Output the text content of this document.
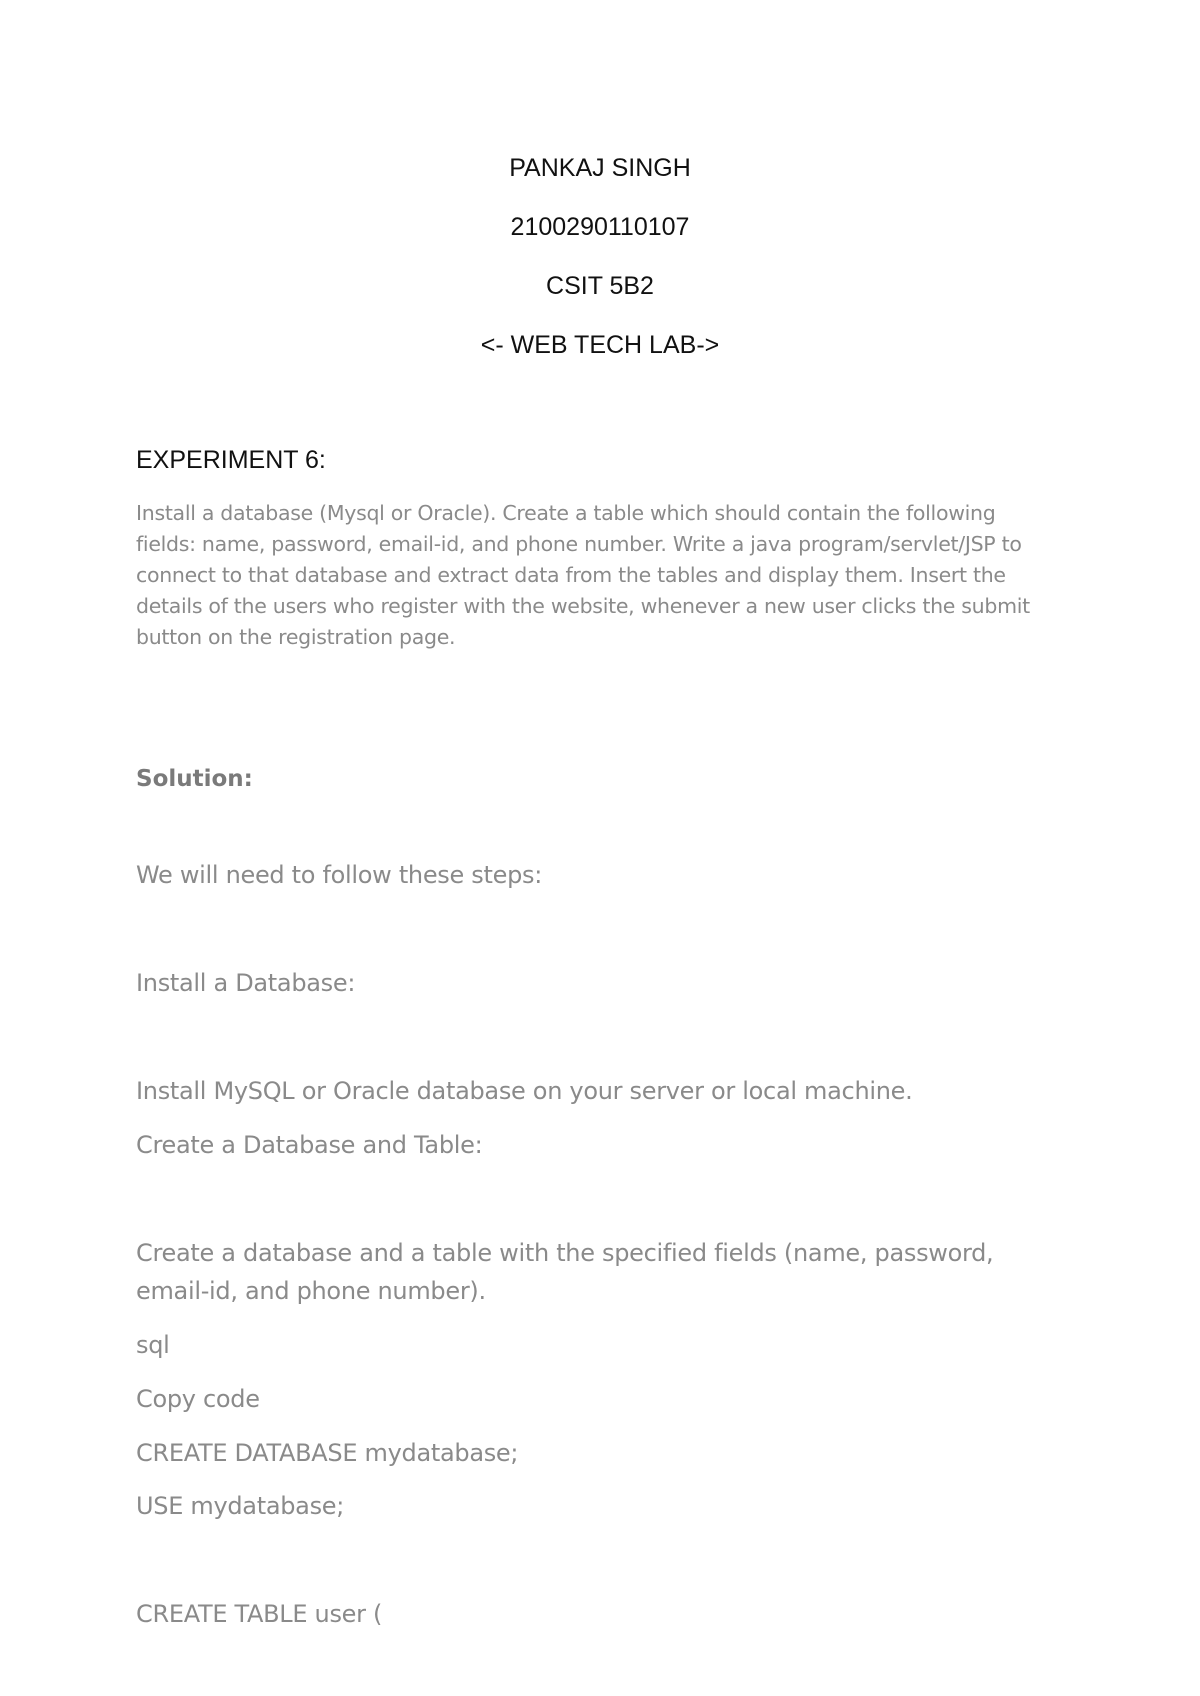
PANKAJ SINGH
2100290110107
CSIT 5B2
<- WEB TECH LAB->
EXPERIMENT 6:
Install a database (Mysql or Oracle). Create a table which should contain the following fields: name, password, email-id, and phone number. Write a java program/servlet/JSP to connect to that database and extract data from the tables and display them. Insert the details of the users who register with the website, whenever a new user clicks the submit button on the registration page.
Solution:
We will need to follow these steps:
Install a Database:
Install MySQL or Oracle database on your server or local machine.
Create a Database and Table:
Create a database and a table with the specified fields (name, password, email-id, and phone number).
sql
Copy code
CREATE DATABASE mydatabase;
USE mydatabase;
CREATE TABLE user (
